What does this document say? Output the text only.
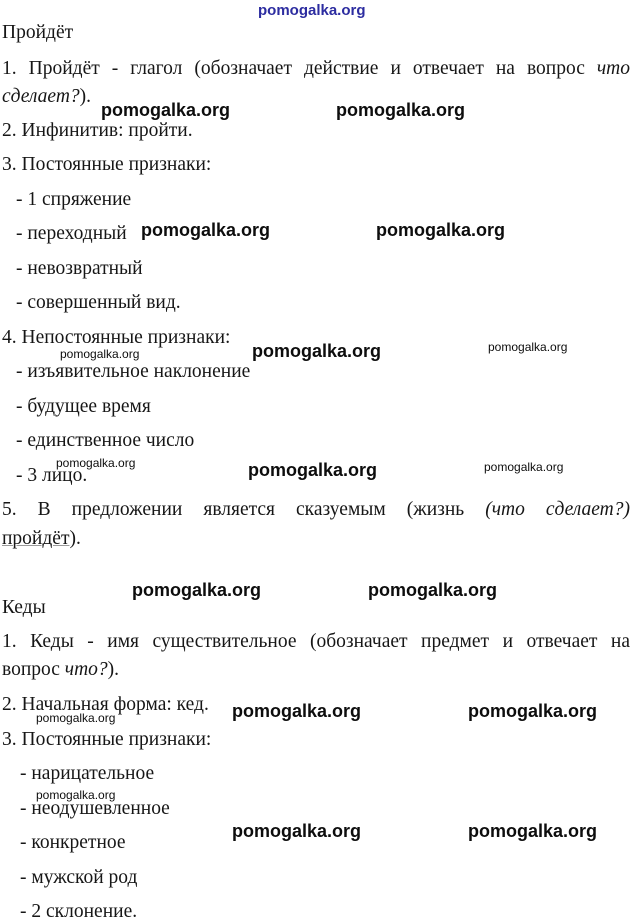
pomogalka.org
pomogalka.org	pomogalka.org
pomogalka.org	pomogalka.org
pomogalka.org
pomogalka.org	pomogalka.org
pomogalka.org
pomogalka.org	pomogalka.org
pomogalka.org	pomogalka.org
pomogalka.org	pomogalka.org
pomogalka.org
pomogalka.org
pomogalka.org	pomogalka.org
Пройдёт
1. Пройдёт - глагол (обозначает действие и отвечает на вопрос что
сделает?).
2. Инфинитив: пройти.
3. Постоянные признаки:
- 1 спряжение
- переходный
- невозвратный
- совершенный вид.
4. Непостоянные признаки:
- изъявительное наклонение
- будущее время
- единственное число
- 3 лицо.
5. В предложении является сказуемым (жизнь (что сделает?)
пройдёт).
Кеды
1. Кеды - имя существительное (обозначает предмет и отвечает на
вопрос что?).
2. Начальная форма: кед.
3. Постоянные признаки:
- нарицательное
- неодушевленное
- конкретное
- мужской род
- 2 склонение.
